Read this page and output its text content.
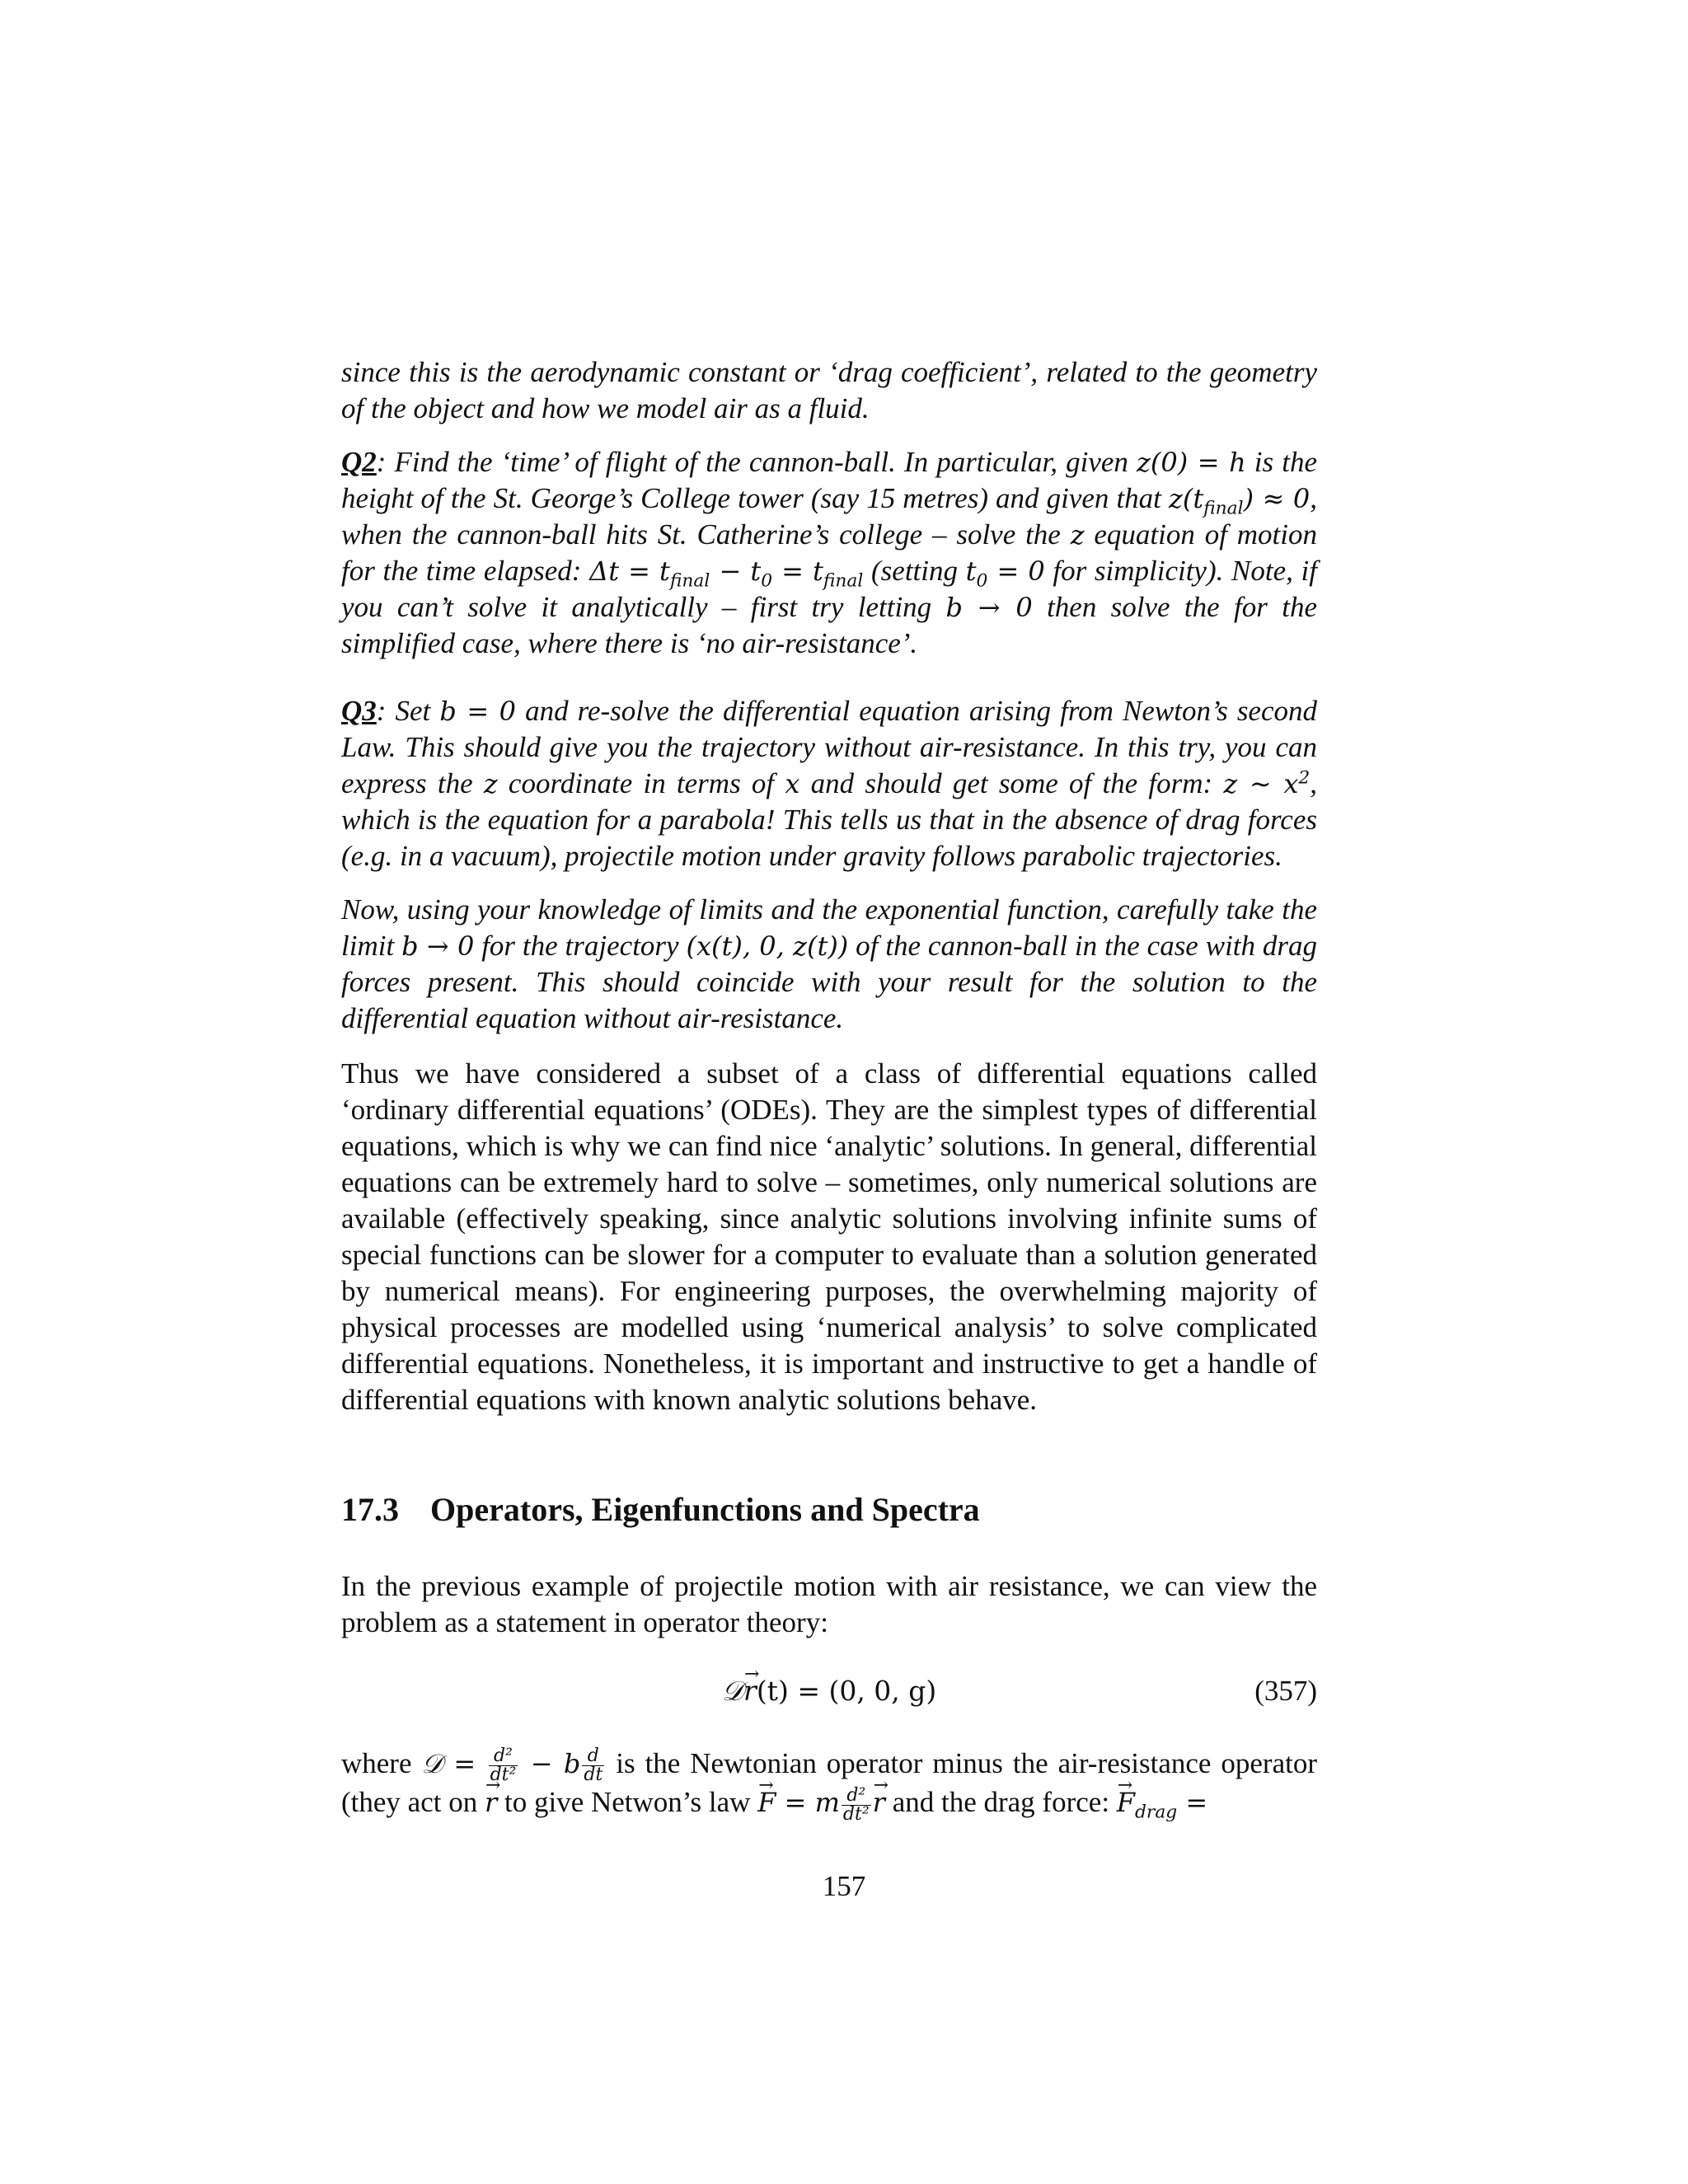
since this is the aerodynamic constant or ‘drag coefficient’, related to the geometry of the object and how we model air as a fluid.

Q2: Find the ‘time’ of flight of the cannon-ball. In particular, given z(0) = h is the height of the St. George’s College tower (say 15 metres) and given that $z(t_{final}) \approx 0$, when the cannon-ball hits St. Catherine’s college – solve the z equation of motion for the time elapsed: $\Delta t = t_{final} - t_0 = t_{final}$ (setting $t_0 = 0$ for simplicity). Note, if you can’t solve it analytically – first try letting b → 0 then solve the for the simplified case, where there is ‘no air-resistance’.

Q3: Set b = 0 and re-solve the differential equation arising from Newton’s second Law. This should give you the trajectory without air-resistance. In this try, you can express the z coordinate in terms of x and should get some of the form: z ∼ $x^2$, which is the equation for a parabola! This tells us that in the absence of drag forces (e.g. in a vacuum), projectile motion under gravity follows parabolic trajectories.

Now, using your knowledge of limits and the exponential function, carefully take the limit b → 0 for the trajectory (x(t), 0, z(t)) of the cannon-ball in the case with drag forces present. This should coincide with your result for the solution to the differential equation without air-resistance.

Thus we have considered a subset of a class of differential equations called ‘ordinary differential equations’ (ODEs). They are the simplest types of differential equations, which is why we can find nice ‘analytic’ solutions. In general, differential equations can be extremely hard to solve – sometimes, only numerical solutions are available (effectively speaking, since analytic solutions involving infinite sums of special functions can be slower for a computer to evaluate than a solution generated by numerical means). For engineering purposes, the overwhelming majority of physical processes are modelled using ‘numerical analysis’ to solve complicated differential equations. Nonetheless, it is important and instructive to get a handle of differential equations with known analytic solutions behave.

17.3 Operators, Eigenfunctions and Spectra

In the previous example of projectile motion with air resistance, we can view the problem as a statement in operator theory:

𝒟→ r(t) = (0, 0, g)	(357)

where 𝒟 = $\frac{\text{d²}}{\text{dt²}} - b \frac{d}{dt}$ is the Newtonian operator minus the air-resistance operator (they act on → r to give Netwon’s law → F = m $\frac{\text{d²}}{\text{dt²}}$
→ r and the drag force: → $F_{drag}$ =

157
